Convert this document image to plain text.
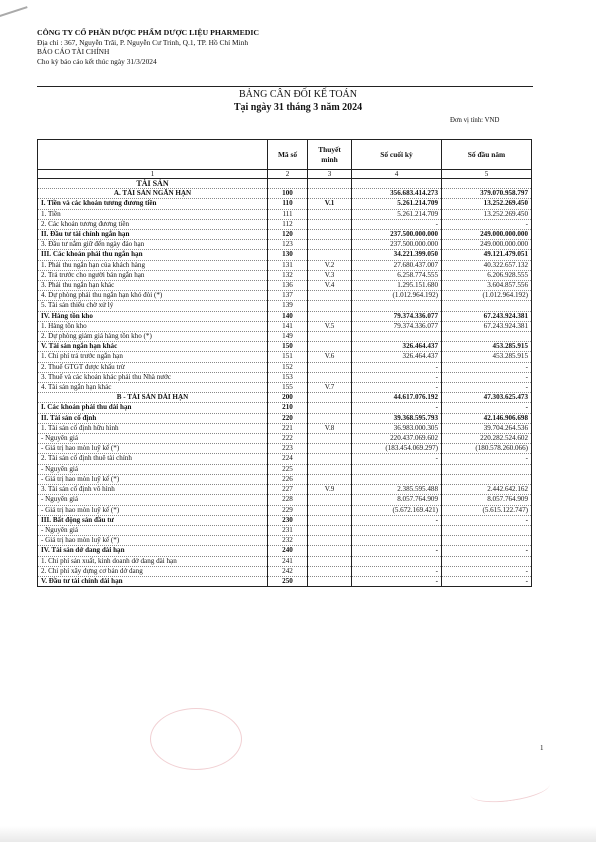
CÔNG TY CỔ PHẦN DƯỢC PHẨM DƯỢC LIỆU PHARMEDIC
Địa chỉ : 367, Nguyễn Trãi, P. Nguyễn Cư Trinh, Q.1, TP. Hồ Chí Minh
BÁO CÁO TÀI CHÍNH
Cho kỳ báo cáo kết thúc ngày 31/3/2024
BẢNG CÂN ĐỐI KẾ TOÁN
Tại ngày 31 tháng 3 năm 2024
Đơn vị tính: VND
	Mã số	Thuyết minh	Số cuối kỳ	Số đầu năm
1	2	3	4	5
TÀI SẢN				
A. TÀI SẢN NGẮN HẠN	100		356.683.414.273	379.070.958.797
I. Tiền và các khoản tương đương tiền	110	V.1	5.261.214.709	13.252.269.450
1. Tiền	111		5.261.214.709	13.252.269.450
2. Các khoản tương đương tiền	112		-	-
II. Đầu tư tài chính ngắn hạn	120		237.500.000.000	249.000.000.000
3. Đầu tư nắm giữ đến ngày đáo hạn	123		237.500.000.000	249.000.000.000
III. Các khoản phải thu ngắn hạn	130		34.221.399.050	49.121.479.051
1. Phải thu ngắn hạn của khách hàng	131	V.2	27.680.437.007	40.322.657.132
2. Trả trước cho người bán ngắn hạn	132	V.3	6.258.774.555	6.206.928.555
3. Phải thu ngắn hạn khác	136	V.4	1.295.151.680	3.604.857.556
4. Dự phòng phải thu ngắn hạn khó đòi (*)	137		(1.012.964.192)	(1.012.964.192)
5. Tài sản thiếu chờ xử lý	139			
IV. Hàng tồn kho	140		79.374.336.077	67.243.924.381
1. Hàng tồn kho	141	V.5	79.374.336.077	67.243.924.381
2. Dự phòng giảm giá hàng tồn kho (*)	149			
V. Tài sản ngắn hạn khác	150		326.464.437	453.285.915
1. Chi phí trả trước ngắn hạn	151	V.6	326.464.437	453.285.915
2. Thuế GTGT được khấu trừ	152		-	-
3. Thuế và các khoản khác phải thu Nhà nước	153		-	-
4. Tài sản ngắn hạn khác	155	V.7	-	-
B - TÀI SẢN DÀI HẠN	200		44.617.076.192	47.303.625.473
I. Các khoản phải thu dài hạn	210		-	-
II. Tài sản cố định	220		39.368.595.793	42.146.906.698
1. Tài sản cố định hữu hình	221	V.8	36.983.000.305	39.704.264.536
- Nguyên giá	222		220.437.069.602	220.282.524.602
- Giá trị hao mòn luỹ kế (*)	223		(183.454.069.297)	(180.578.260.066)
2. Tài sản cố định thuê tài chính	224		-	-
- Nguyên giá	225			
- Giá trị hao mòn luỹ kế (*)	226			
3. Tài sản cố định vô hình	227	V.9	2.385.595.488	2.442.642.162
- Nguyên giá	228		8.057.764.909	8.057.764.909
- Giá trị hao mòn luỹ kế (*)	229		(5.672.169.421)	(5.615.122.747)
III. Bất động sản đầu tư	230		-	-
- Nguyên giá	231			
- Giá trị hao mòn luỹ kế (*)	232			
IV. Tài sản dở dang dài hạn	240		-	-
1. Chi phí sản xuất, kinh doanh dở dang dài hạn	241			
2. Chi phí xây dựng cơ bản dở dang	242		-	-
V. Đầu tư tài chính dài hạn	250		-	-
1
